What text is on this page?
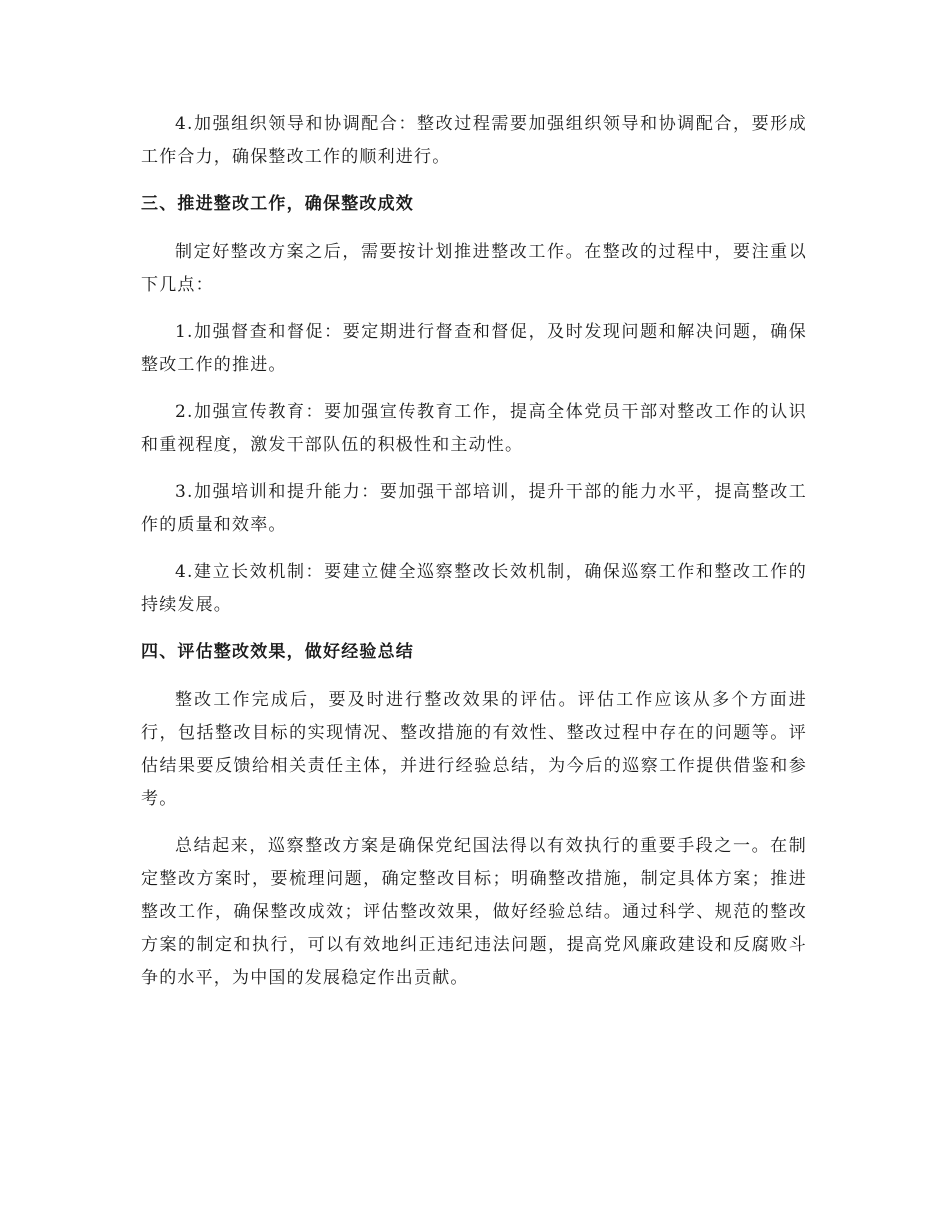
4.加强组织领导和协调配合：整改过程需要加强组织领导和协调配合，要形成工作合力，确保整改工作的顺利进行。

三、推进整改工作，确保整改成效

制定好整改方案之后，需要按计划推进整改工作。在整改的过程中，要注重以下几点：

1.加强督查和督促：要定期进行督查和督促，及时发现问题和解决问题，确保整改工作的推进。

2.加强宣传教育：要加强宣传教育工作，提高全体党员干部对整改工作的认识和重视程度，激发干部队伍的积极性和主动性。

3.加强培训和提升能力：要加强干部培训，提升干部的能力水平，提高整改工作的质量和效率。

4.建立长效机制：要建立健全巡察整改长效机制，确保巡察工作和整改工作的持续发展。

四、评估整改效果，做好经验总结

整改工作完成后，要及时进行整改效果的评估。评估工作应该从多个方面进行，包括整改目标的实现情况、整改措施的有效性、整改过程中存在的问题等。评估结果要反馈给相关责任主体，并进行经验总结，为今后的巡察工作提供借鉴和参考。

总结起来，巡察整改方案是确保党纪国法得以有效执行的重要手段之一。在制定整改方案时，要梳理问题，确定整改目标；明确整改措施，制定具体方案；推进整改工作，确保整改成效；评估整改效果，做好经验总结。通过科学、规范的整改方案的制定和执行，可以有效地纠正违纪违法问题，提高党风廉政建设和反腐败斗争的水平，为中国的发展稳定作出贡献。
